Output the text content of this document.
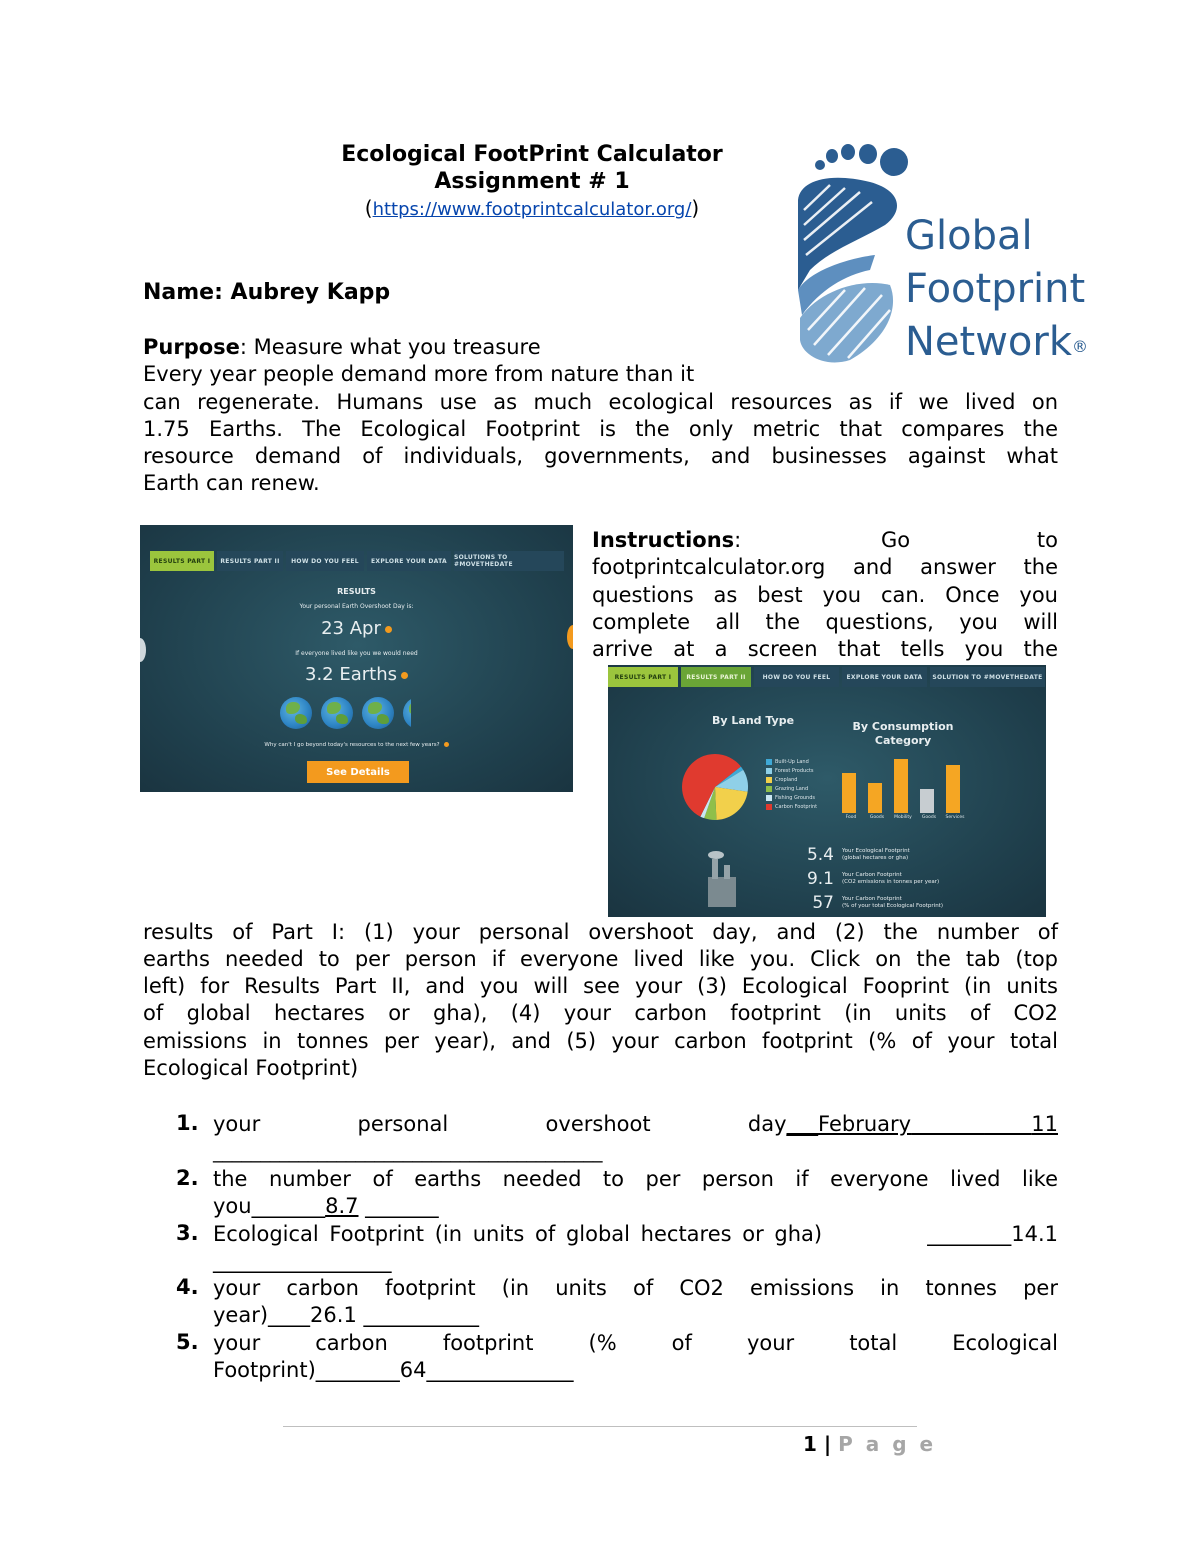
Ecological FootPrint Calculator
Assignment # 1
(https://www.footprintcalculator.org/)
Global
Footprint
Network®
Name: Aubrey Kapp
Purpose: Measure what you treasure
Every year people demand more from nature than it
can regenerate. Humans use as much ecological resources as if we lived on
1.75 Earths. The Ecological Footprint is the only metric that compares the
resource demand of individuals, governments, and businesses against what
Earth can renew.
RESULTS PART I	RESULTS PART II	HOW DO YOU FEEL	EXPLORE YOUR DATA	SOLUTIONS TO #MOVETHEDATE
RESULTS
Your personal Earth Overshoot Day is:
23 Apr
If everyone lived like you we would need
3.2 Earths
Why can't I go beyond today's resources to the next few years?
See Details
Instructions:	Go	to
footprintcalculator.org and answer the
questions as best you can. Once you
complete all the questions, you will
arrive at a screen that tells you the
RESULTS PART I	RESULTS PART II	HOW DO YOU FEEL	EXPLORE YOUR DATA	SOLUTION TO #MOVETHEDATE
By Land Type	By Consumption
Category
Built-Up Land
Forest Products
Cropland
Grazing Land
Fishing Grounds
Carbon Footprint
Food	Goods	Mobility	Goods	Services
5.4 Your Ecological Footprint
(global hectares or gha)
9.1 Your Carbon Footprint
(CO2 emissions in tonnes per year)
57 Your Carbon Footprint
(% of your total Ecological Footprint)
results of Part I: (1) your personal overshoot day, and (2) the number of
earths needed to per person if everyone lived like you. Click on the tab (top
left) for Results Part II, and you will see your (3) Ecological Fooprint (in units
of global hectares or gha), (4) your carbon footprint (in units of CO2
emissions in tonnes per year), and (5) your carbon footprint (% of your total
Ecological Footprint)
1. your	personal	overshoot	day___February	11
_________________________________________
2. the number of earths needed to per person if everyone lived like
you_______8.7 _______
3. Ecological Footprint (in units of global hectares or gha)	________14.1
_________________
4. your carbon footprint (in units of CO2 emissions in tonnes per
year)____26.1 ___________
5. your	carbon	footprint	(%	of	your	total	Ecological
Footprint)________64______________
1 | P a g e
